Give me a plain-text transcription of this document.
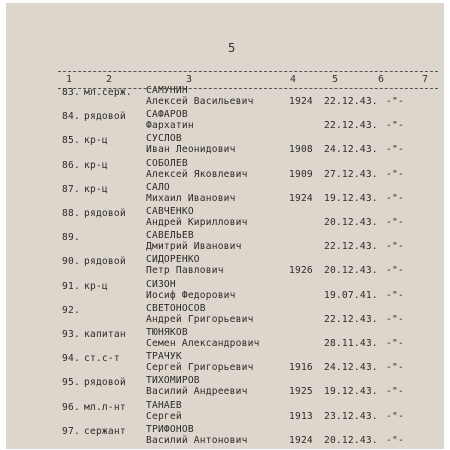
5
1	2	3	4	5	6	7
83. мл.серж. САМУНИН
Алексей Васильевич	1924 22.12.43. -"-
84. рядовой САФАРОВ
Фархатин	22.12.43. -"-
85. кр-ц	СУСЛОВ
Иван Леонидович	1908 24.12.43. -"-
86. кр-ц	СОБОЛЕВ
Алексей Яковлевич	1909 27.12.43. -"-
87. кр-ц	САЛО
Михаил Иванович	1924 19.12.43. -"-
88. рядовой САВЧЕНКО
Андрей Кириллович	20.12.43. -"-
89.	САВЕЛЬЕВ
Дмитрий Иванович	22.12.43. -"-
90. рядовой СИДОРЕНКО
Петр Павлович	1926 20.12.43. -"-
91. кр-ц	СИЗОН
Иосиф Федорович	19.07.41. -"-
92.	СВЕТОНОСОВ
Андрей Григорьевич	22.12.43. -"-
93. капитан ТЮНЯКОВ
Семен Александрович	28.11.43. -"-
94. ст.с-т	ТРАЧУК
Сергей Григорьевич	1916 24.12.43. -"-
95. рядовой ТИХОМИРОВ
Василий Андреевич	1925 19.12.43. -"-
96. мл.л-нт ТАНАЕВ
Сергей	1913 23.12.43. -"-
97. сержант ТРИФОНОВ
Василий Антонович	1924 20.12.43. -"-
